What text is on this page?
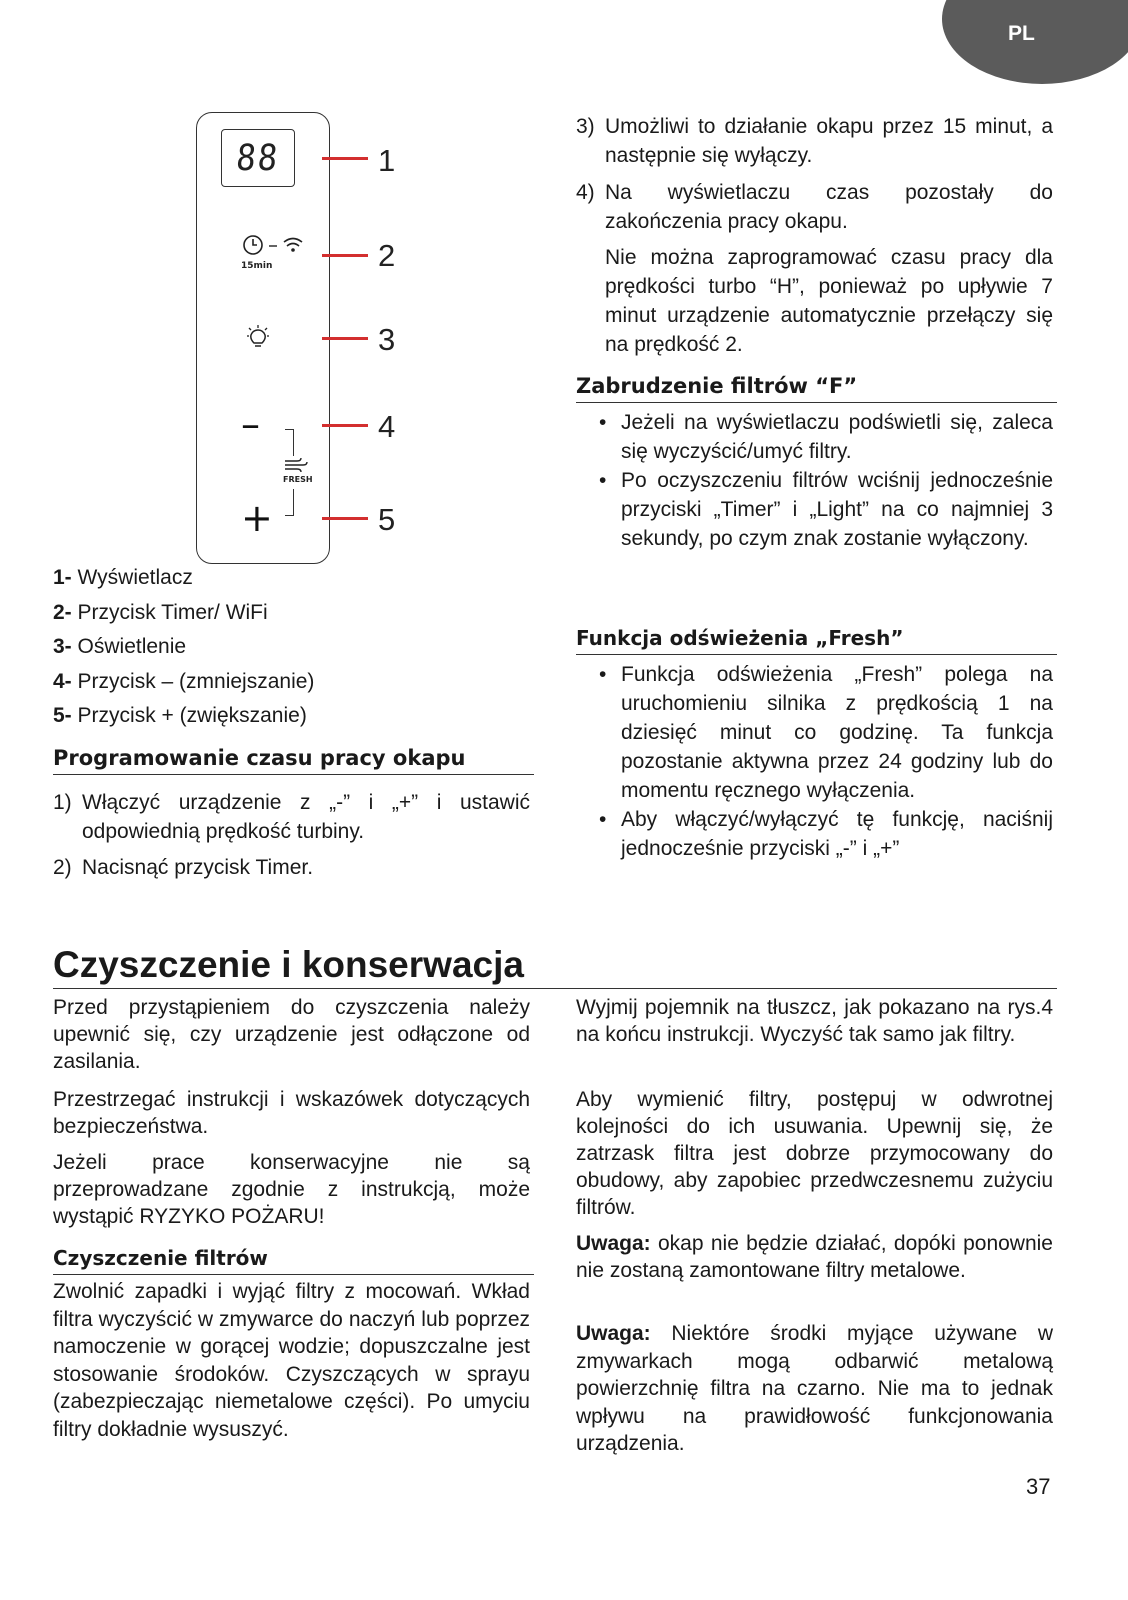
PL
88
15min
–
FRESH
+
1
2
3
4
5
1- Wyświetlacz
2- Przycisk Timer/ WiFi
3- Oświetlenie
4- Przycisk – (zmniejszanie)
5- Przycisk + (zwiększanie)
Programowanie czasu pracy okapu
1) Włączyć urządzenie z „-” i „+” i ustawić odpowiednią prędkość turbiny.
2) Nacisnąć przycisk Timer.
3) Umożliwi to działanie okapu przez 15 minut, a następnie się wyłączy.
4) Na wyświetlaczu czas pozostały do zakończenia pracy okapu.
Nie można zaprogramować czasu pracy dla prędkości turbo “H”, ponieważ po upływie 7 minut urządzenie automatycznie przełączy się na prędkość 2.
Zabrudzenie filtrów “F”
• Jeżeli na wyświetlaczu podświetli się, zaleca się wyczyścić/umyć filtry.
• Po oczyszczeniu filtrów wciśnij jednocześnie przyciski „Timer” i „Light” na co najmniej 3 sekundy, po czym znak zostanie wyłączony.
Funkcja odświeżenia „Fresh”
• Funkcja odświeżenia „Fresh” polega na uruchomieniu silnika z prędkością 1 na dziesięć minut co godzinę. Ta funkcja pozostanie aktywna przez 24 godziny lub do momentu ręcznego wyłączenia.
• Aby włączyć/wyłączyć tę funkcję, naciśnij jednocześnie przyciski „-” i „+”
Czyszczenie i konserwacja
Przed przystąpieniem do czyszczenia należy upewnić się, czy urządzenie jest odłączone od zasilania.
Przestrzegać instrukcji i wskazówek dotyczących bezpieczeństwa.
Jeżeli prace konserwacyjne nie są przeprowadzane zgodnie z instrukcją, może wystąpić RYZYKO POŻARU!
Czyszczenie filtrów
Zwolnić zapadki i wyjąć filtry z mocowań. Wkład filtra wyczyścić w zmywarce do naczyń lub poprzez namoczenie w gorącej wodzie; dopuszczalne jest stosowanie środoków. Czyszczących w sprayu (zabezpieczając niemetalowe części). Po umyciu filtry dokładnie wysuszyć.
Wyjmij pojemnik na tłuszcz, jak pokazano na rys.4 na końcu instrukcji. Wyczyść tak samo jak filtry.
Aby wymienić filtry, postępuj w odwrotnej kolejności do ich usuwania. Upewnij się, że zatrzask filtra jest dobrze przymocowany do obudowy, aby zapobiec przedwczesnemu zużyciu filtrów.

Uwaga: okap nie będzie działać, dopóki ponownie nie zostaną zamontowane filtry metalowe.

Uwaga: Niektóre środki myjące używane w zmywarkach mogą odbarwić metalową powierzchnię filtra na czarno. Nie ma to jednak wpływu na prawidłowość funkcjonowania urządzenia.

37
